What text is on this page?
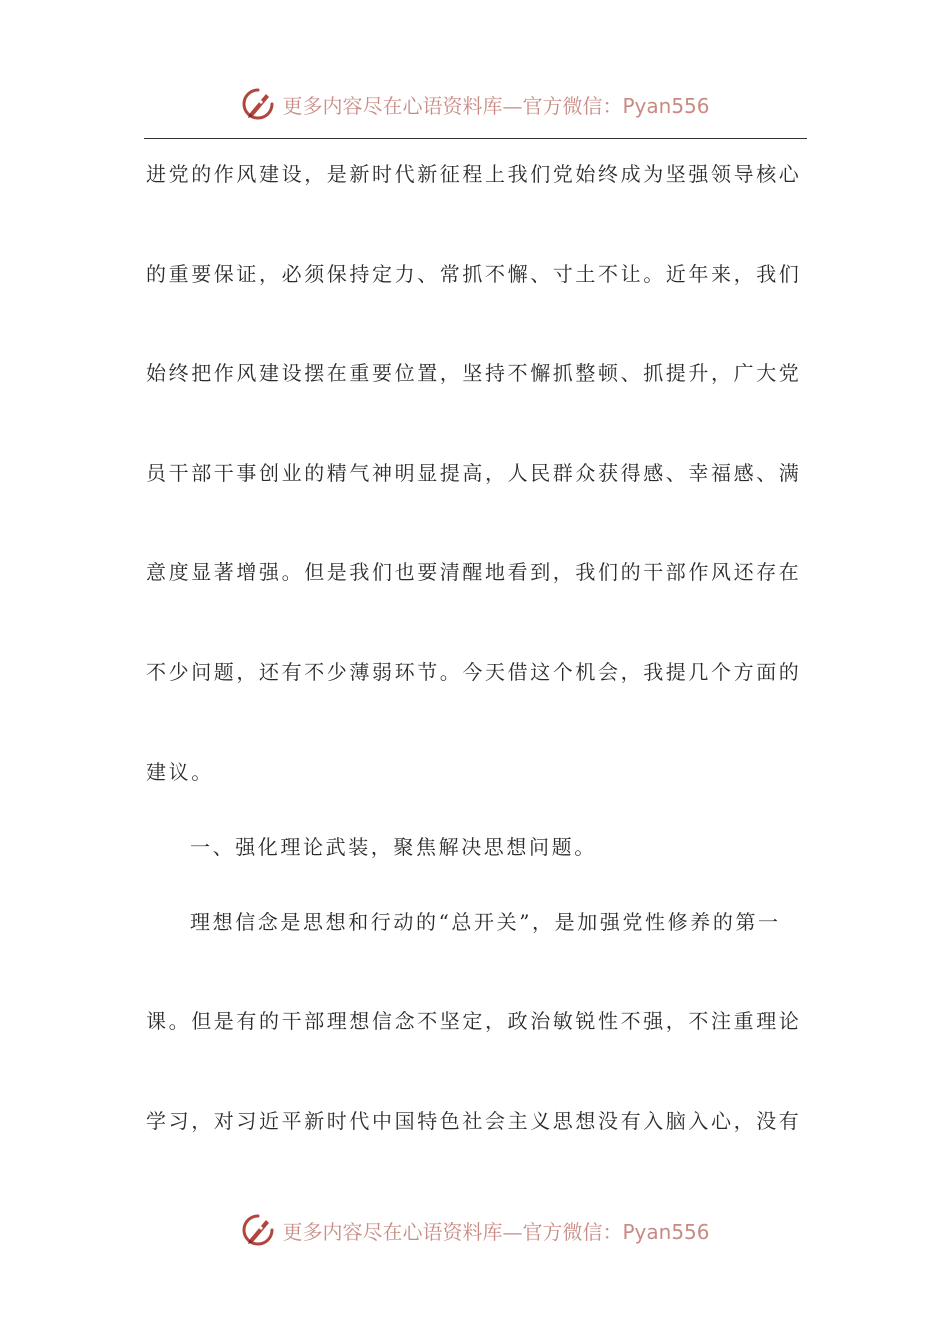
更多内容尽在心语资料库—官方微信：Pyan556

进党的作风建设，是新时代新征程上我们党始终成为坚强领导核心

的重要保证，必须保持定力、常抓不懈、寸土不让。近年来，我们

始终把作风建设摆在重要位置，坚持不懈抓整顿、抓提升，广大党

员干部干事创业的精气神明显提高，人民群众获得感、幸福感、满

意度显著增强。但是我们也要清醒地看到，我们的干部作风还存在

不少问题，还有不少薄弱环节。今天借这个机会，我提几个方面的

建议。

一、强化理论武装，聚焦解决思想问题。

理想信念是思想和行动的“总开关”，是加强党性修养的第一

课。但是有的干部理想信念不坚定，政治敏锐性不强，不注重理论

学习，对习近平新时代中国特色社会主义思想没有入脑入心，没有

更多内容尽在心语资料库—官方微信：Pyan556
